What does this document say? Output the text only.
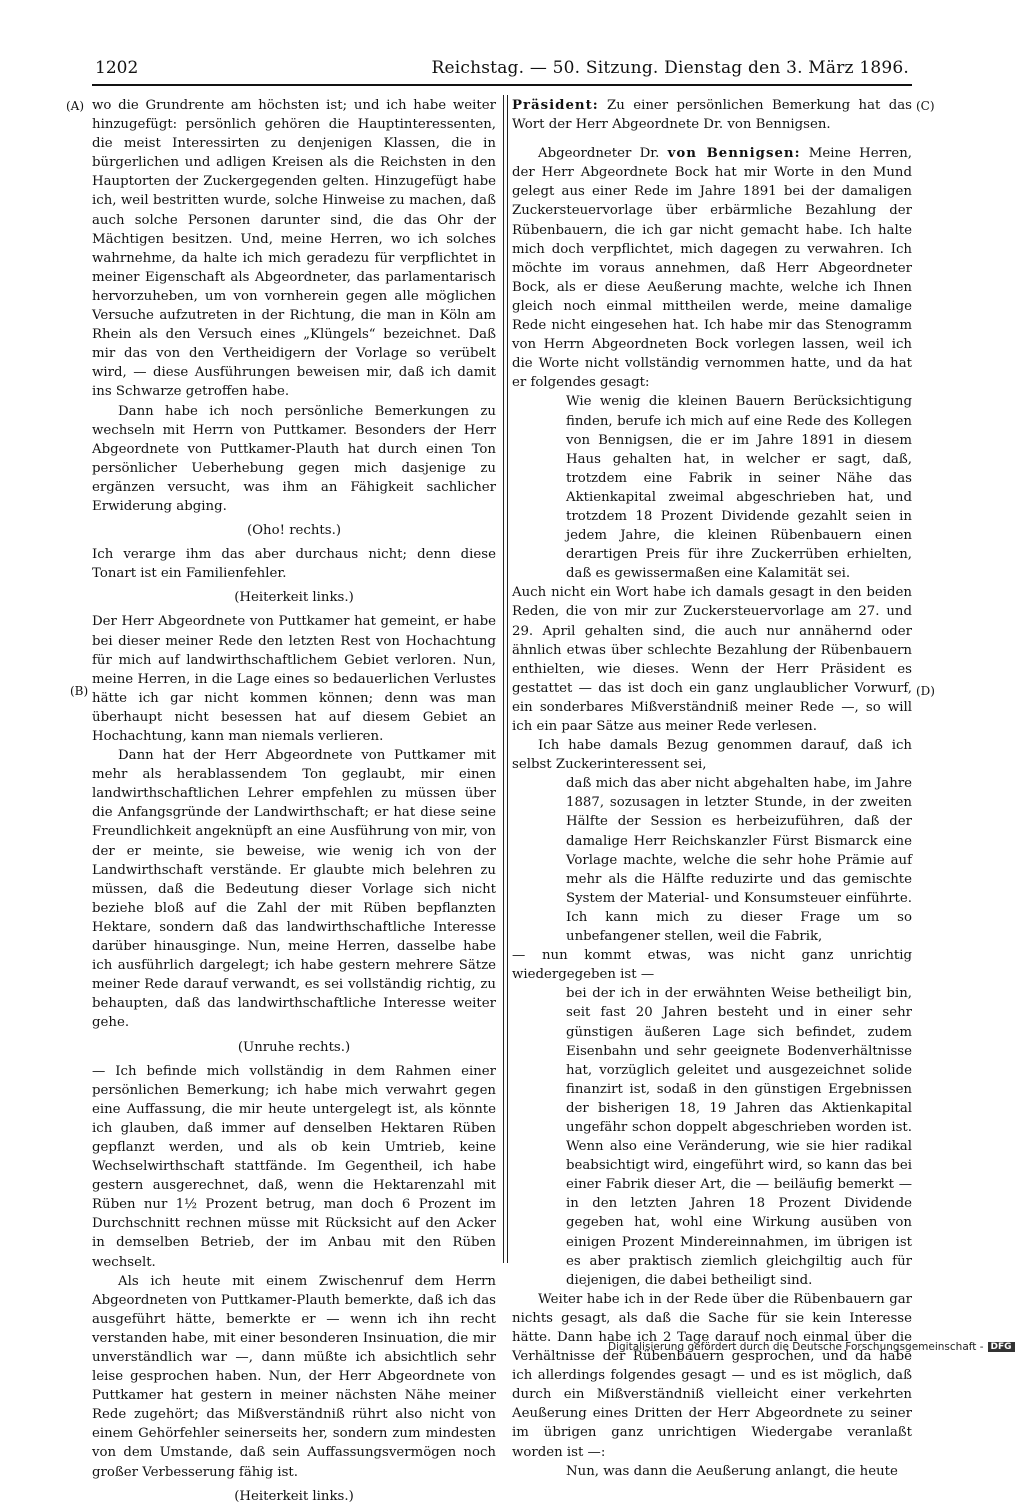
1202	Reichstag. — 50. Sitzung. Dienstag den 3. März 1896.
(A)
(B)
(C)
(D)

wo die Grundrente am höchsten ist; und ich habe weiter hinzugefügt: persönlich gehören die Hauptinteressenten, die meist Interessirten zu denjenigen Klassen, die in bürgerlichen und adligen Kreisen als die Reichsten in den Hauptorten der Zuckergegenden gelten. Hinzugefügt habe ich, weil bestritten wurde, solche Hinweise zu machen, daß auch solche Personen darunter sind, die das Ohr der Mächtigen besitzen. Und, meine Herren, wo ich solches wahrnehme, da halte ich mich geradezu für verpflichtet in meiner Eigenschaft als Abgeordneter, das parlamentarisch hervorzuheben, um von vornherein gegen alle möglichen Versuche aufzutreten in der Richtung, die man in Köln am Rhein als den Versuch eines „Klüngels“ bezeichnet. Daß mir das von den Vertheidigern der Vorlage so verübelt wird, — diese Ausführungen beweisen mir, daß ich damit ins Schwarze getroffen habe.

Dann habe ich noch persönliche Bemerkungen zu wechseln mit Herrn von Puttkamer. Besonders der Herr Abgeordnete von Puttkamer-Plauth hat durch einen Ton persönlicher Ueberhebung gegen mich dasjenige zu ergänzen versucht, was ihm an Fähigkeit sachlicher Erwiderung abging.

(Oho! rechts.)

Ich verarge ihm das aber durchaus nicht; denn diese Tonart ist ein Familienfehler.

(Heiterkeit links.)

Der Herr Abgeordnete von Puttkamer hat gemeint, er habe bei dieser meiner Rede den letzten Rest von Hochachtung für mich auf landwirthschaftlichem Gebiet verloren. Nun, meine Herren, in die Lage eines so bedauerlichen Verlustes hätte ich gar nicht kommen können; denn was man überhaupt nicht besessen hat auf diesem Gebiet an Hochachtung, kann man niemals verlieren.

Dann hat der Herr Abgeordnete von Puttkamer mit mehr als herablassendem Ton geglaubt, mir einen landwirthschaftlichen Lehrer empfehlen zu müssen über die Anfangsgründe der Landwirthschaft; er hat diese seine Freundlichkeit angeknüpft an eine Ausführung von mir, von der er meinte, sie beweise, wie wenig ich von der Landwirthschaft verstände. Er glaubte mich belehren zu müssen, daß die Bedeutung dieser Vorlage sich nicht beziehe bloß auf die Zahl der mit Rüben bepflanzten Hektare, sondern daß das landwirthschaftliche Interesse darüber hinausginge. Nun, meine Herren, dasselbe habe ich ausführlich dargelegt; ich habe gestern mehrere Sätze meiner Rede darauf verwandt, es sei vollständig richtig, zu behaupten, daß das landwirthschaftliche Interesse weiter gehe.

(Unruhe rechts.)

— Ich befinde mich vollständig in dem Rahmen einer persönlichen Bemerkung; ich habe mich verwahrt gegen eine Auffassung, die mir heute untergelegt ist, als könnte ich glauben, daß immer auf denselben Hektaren Rüben gepflanzt werden, und als ob kein Umtrieb, keine Wechselwirthschaft stattfände. Im Gegentheil, ich habe gestern ausgerechnet, daß, wenn die Hektarenzahl mit Rüben nur 1½ Prozent betrug, man doch 6 Prozent im Durchschnitt rechnen müsse mit Rücksicht auf den Acker in demselben Betrieb, der im Anbau mit den Rüben wechselt.

Als ich heute mit einem Zwischenruf dem Herrn Abgeordneten von Puttkamer-Plauth bemerkte, daß ich das ausgeführt hätte, bemerkte er — wenn ich ihn recht verstanden habe, mit einer besonderen Insinuation, die mir unverständlich war —, dann müßte ich absichtlich sehr leise gesprochen haben. Nun, der Herr Abgeordnete von Puttkamer hat gestern in meiner nächsten Nähe meiner Rede zugehört; das Mißverständniß rührt also nicht von einem Gehörfehler seinerseits her, sondern zum mindesten von dem Umstande, daß sein Auffassungsvermögen noch großer Verbesserung fähig ist.

(Heiterkeit links.)

Präsident: Zu einer persönlichen Bemerkung hat das Wort der Herr Abgeordnete Dr. von Bennigsen.

Abgeordneter Dr. von Bennigsen: Meine Herren, der Herr Abgeordnete Bock hat mir Worte in den Mund gelegt aus einer Rede im Jahre 1891 bei der damaligen Zuckersteuervorlage über erbärmliche Bezahlung der Rübenbauern, die ich gar nicht gemacht habe. Ich halte mich doch verpflichtet, mich dagegen zu verwahren. Ich möchte im voraus annehmen, daß Herr Abgeordneter Bock, als er diese Aeußerung machte, welche ich Ihnen gleich noch einmal mittheilen werde, meine damalige Rede nicht eingesehen hat. Ich habe mir das Stenogramm von Herrn Abgeordneten Bock vorlegen lassen, weil ich die Worte nicht vollständig vernommen hatte, und da hat er folgendes gesagt:

Wie wenig die kleinen Bauern Berücksichtigung finden, berufe ich mich auf eine Rede des Kollegen von Bennigsen, die er im Jahre 1891 in diesem Haus gehalten hat, in welcher er sagt, daß, trotzdem eine Fabrik in seiner Nähe das Aktienkapital zweimal abgeschrieben hat, und trotzdem 18 Prozent Dividende gezahlt seien in jedem Jahre, die kleinen Rübenbauern einen derartigen Preis für ihre Zuckerrüben erhielten, daß es gewissermaßen eine Kalamität sei.

Auch nicht ein Wort habe ich damals gesagt in den beiden Reden, die von mir zur Zuckersteuervorlage am 27. und 29. April gehalten sind, die auch nur annähernd oder ähnlich etwas über schlechte Bezahlung der Rübenbauern enthielten, wie dieses. Wenn der Herr Präsident es gestattet — das ist doch ein ganz unglaublicher Vorwurf, ein sonderbares Mißverständniß meiner Rede —, so will ich ein paar Sätze aus meiner Rede verlesen.

Ich habe damals Bezug genommen darauf, daß ich selbst Zuckerinteressent sei,

daß mich das aber nicht abgehalten habe, im Jahre 1887, sozusagen in letzter Stunde, in der zweiten Hälfte der Session es herbeizuführen, daß der damalige Herr Reichskanzler Fürst Bismarck eine Vorlage machte, welche die sehr hohe Prämie auf mehr als die Hälfte reduzirte und das gemischte System der Material- und Konsumsteuer einführte. Ich kann mich zu dieser Frage um so unbefangener stellen, weil die Fabrik,

— nun kommt etwas, was nicht ganz unrichtig wiedergegeben ist —

bei der ich in der erwähnten Weise betheiligt bin, seit fast 20 Jahren besteht und in einer sehr günstigen äußeren Lage sich befindet, zudem Eisenbahn und sehr geeignete Bodenverhältnisse hat, vorzüglich geleitet und ausgezeichnet solide finanzirt ist, sodaß in den günstigen Ergebnissen der bisherigen 18, 19 Jahren das Aktienkapital ungefähr schon doppelt abgeschrieben worden ist. Wenn also eine Veränderung, wie sie hier radikal beabsichtigt wird, eingeführt wird, so kann das bei einer Fabrik dieser Art, die — beiläufig bemerkt — in den letzten Jahren 18 Prozent Dividende gegeben hat, wohl eine Wirkung ausüben von einigen Prozent Mindereinnahmen, im übrigen ist es aber praktisch ziemlich gleichgiltig auch für diejenigen, die dabei betheiligt sind.

Weiter habe ich in der Rede über die Rübenbauern gar nichts gesagt, als daß die Sache für sie kein Interesse hätte. Dann habe ich 2 Tage darauf noch einmal über die Verhältnisse der Rübenbauern gesprochen, und da habe ich allerdings folgendes gesagt — und es ist möglich, daß durch ein Mißverständniß vielleicht einer verkehrten Aeußerung eines Dritten der Herr Abgeordnete zu seiner im übrigen ganz unrichtigen Wiedergabe veranlaßt worden ist —:

Nun, was dann die Aeußerung anlangt, die heute

Digitalisierung gefördert durch die Deutsche Forschungsgemeinschaft - DFG
